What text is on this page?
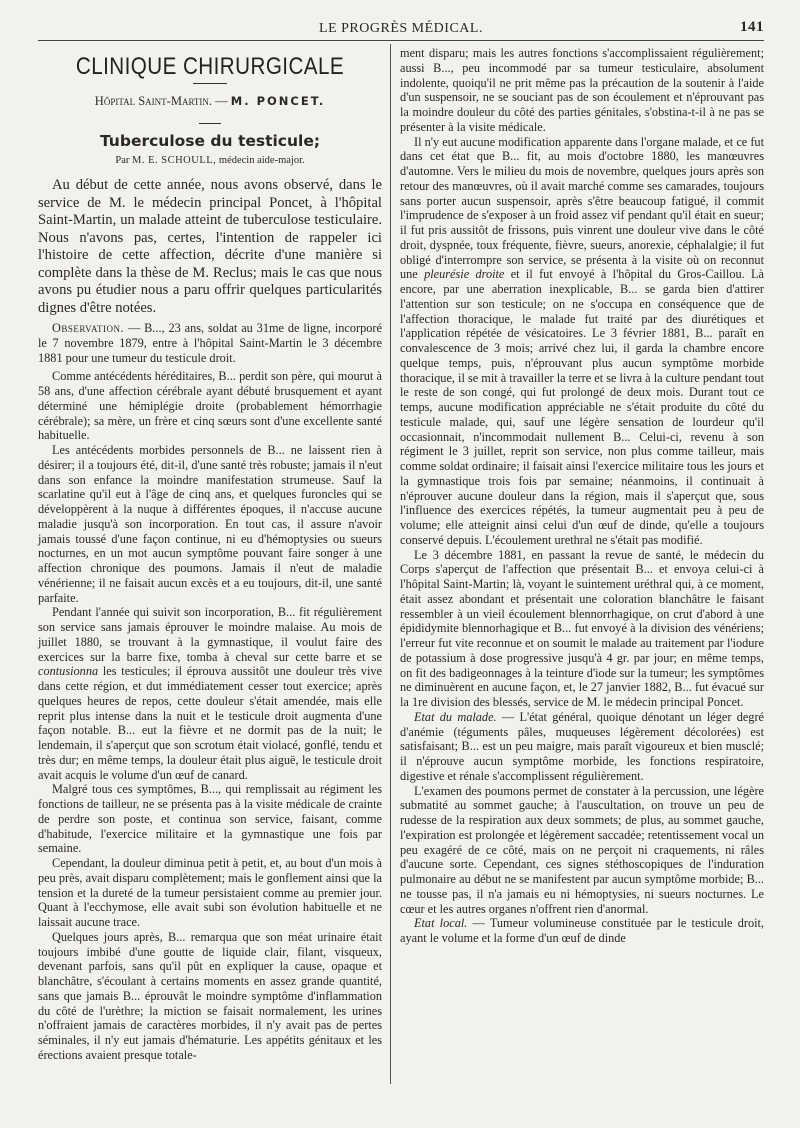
LE PROGRÈS MÉDICAL.	141
CLINIQUE CHIRURGICALE
Hôpital Saint-Martin. — M. PONCET.
Tuberculose du testicule;
Par M. E. SCHOULL, médecin aide-major.

Au début de cette année, nous avons observé, dans le service de M. le médecin principal Poncet, à l'hôpital Saint-Martin, un malade atteint de tuberculose testiculaire. Nous n'avons pas, certes, l'intention de rappeler ici l'histoire de cette affection, décrite d'une manière si complète dans la thèse de M. Reclus; mais le cas que nous avons pu étudier nous a paru offrir quelques particularités dignes d'être notées.

Observation. — B..., 23 ans, soldat au 31me de ligne, incorporé le 7 novembre 1879, entre à l'hôpital Saint-Martin le 3 décembre 1881 pour une tumeur du testicule droit.

Comme antécédents héréditaires, B... perdit son père, qui mourut à 58 ans, d'une affection cérébrale ayant débuté brusquement et ayant déterminé une hémiplégie droite (probablement hémorrhagie cérébrale); sa mère, un frère et cinq sœurs sont d'une excellente santé habituelle.

Les antécédents morbides personnels de B... ne laissent rien à désirer; il a toujours été, dit-il, d'une santé très robuste; jamais il n'eut dans son enfance la moindre manifestation strumeuse. Sauf la scarlatine qu'il eut à l'âge de cinq ans, et quelques furoncles qui se développèrent à la nuque à différentes époques, il n'accuse aucune maladie jusqu'à son incorporation. En tout cas, il assure n'avoir jamais toussé d'une façon continue, ni eu d'hémoptysies ou sueurs nocturnes, en un mot aucun symptôme pouvant faire songer à une affection chronique des poumons. Jamais il n'eut de maladie vénérienne; il ne faisait aucun excès et a eu toujours, dit-il, une santé parfaite.

Pendant l'année qui suivit son incorporation, B... fit régulièrement son service sans jamais éprouver le moindre malaise. Au mois de juillet 1880, se trouvant à la gymnastique, il voulut faire des exercices sur la barre fixe, tomba à cheval sur cette barre et se contusionna les testicules; il éprouva aussitôt une douleur très vive dans cette région, et dut immédiatement cesser tout exercice; après quelques heures de repos, cette douleur s'était amendée, mais elle reprit plus intense dans la nuit et le testicule droit augmenta d'une façon notable. B... eut la fièvre et ne dormit pas de la nuit; le lendemain, il s'aperçut que son scrotum était violacé, gonflé, tendu et très dur; en même temps, la douleur était plus aiguë, le testicule droit avait acquis le volume d'un œuf de canard.

Malgré tous ces symptômes, B..., qui remplissait au régiment les fonctions de tailleur, ne se présenta pas à la visite médicale de crainte de perdre son poste, et continua son service, faisant, comme d'habitude, l'exercice militaire et la gymnastique une fois par semaine.

Cependant, la douleur diminua petit à petit, et, au bout d'un mois à peu près, avait disparu complètement; mais le gonflement ainsi que la tension et la dureté de la tumeur persistaient comme au premier jour. Quant à l'ecchymose, elle avait subi son évolution habituelle et ne laissait aucune trace.

Quelques jours après, B... remarqua que son méat urinaire était toujours imbibé d'une goutte de liquide clair, filant, visqueux, devenant parfois, sans qu'il pût en expliquer la cause, opaque et blanchâtre, s'écoulant à certains moments en assez grande quantité, sans que jamais B... éprouvât le moindre symptôme d'inflammation du côté de l'urèthre; la miction se faisait normalement, les urines n'offraient jamais de caractères morbides, il n'y avait pas de pertes séminales, il n'y eut jamais d'hématurie. Les appétits génitaux et les érections avaient presque totale-

ment disparu; mais les autres fonctions s'accomplissaient régulièrement; aussi B..., peu incommodé par sa tumeur testiculaire, absolument indolente, quoiqu'il ne prit même pas la précaution de la soutenir à l'aide d'un suspensoir, ne se souciant pas de son écoulement et n'éprouvant pas la moindre douleur du côté des parties génitales, s'obstina-t-il à ne pas se présenter à la visite médicale.

Il n'y eut aucune modification apparente dans l'organe malade, et ce fut dans cet état que B... fit, au mois d'octobre 1880, les manœuvres d'automne. Vers le milieu du mois de novembre, quelques jours après son retour des manœuvres, où il avait marché comme ses camarades, toujours sans porter aucun suspensoir, après s'être beaucoup fatigué, il commit l'imprudence de s'exposer à un froid assez vif pendant qu'il était en sueur; il fut pris aussitôt de frissons, puis vinrent une douleur vive dans le côté droit, dyspnée, toux fréquente, fièvre, sueurs, anorexie, céphalalgie; il fut obligé d'interrompre son service, se présenta à la visite où on reconnut une pleurésie droite et il fut envoyé à l'hôpital du Gros-Caillou. Là encore, par une aberration inexplicable, B... se garda bien d'attirer l'attention sur son testicule; on ne s'occupa en conséquence que de l'affection thoracique, le malade fut traité par des diurétiques et l'application répétée de vésicatoires. Le 3 février 1881, B... paraît en convalescence de 3 mois; arrivé chez lui, il garda la chambre encore quelque temps, puis, n'éprouvant plus aucun symptôme morbide thoracique, il se mit à travailler la terre et se livra à la culture pendant tout le reste de son congé, qui fut prolongé de deux mois. Durant tout ce temps, aucune modification appréciable ne s'était produite du côté du testicule malade, qui, sauf une légère sensation de lourdeur qu'il occasionnait, n'incommodait nullement B... Celui-ci, revenu à son régiment le 3 juillet, reprit son service, non plus comme tailleur, mais comme soldat ordinaire; il faisait ainsi l'exercice militaire tous les jours et la gymnastique trois fois par semaine; néanmoins, il continuait à n'éprouver aucune douleur dans la région, mais il s'aperçut que, sous l'influence des exercices répétés, la tumeur augmentait peu à peu de volume; elle atteignit ainsi celui d'un œuf de dinde, qu'elle a toujours conservé depuis. L'écoulement urethral ne s'était pas modifié.

Le 3 décembre 1881, en passant la revue de santé, le médecin du Corps s'aperçut de l'affection que présentait B... et envoya celui-ci à l'hôpital Saint-Martin; là, voyant le suintement uréthral qui, à ce moment, était assez abondant et présentait une coloration blanchâtre le faisant ressembler à un vieil écoulement blennorrhagique, on crut d'abord à une épididymite blennorhagique et B... fut envoyé à la division des vénériens; l'erreur fut vite reconnue et on soumit le malade au traitement par l'iodure de potassium à dose progressive jusqu'à 4 gr. par jour; en même temps, on fit des badigeonnages à la teinture d'iode sur la tumeur; les symptômes ne diminuèrent en aucune façon, et, le 27 janvier 1882, B... fut évacué sur la 1re division des blessés, service de M. le médecin principal Poncet.

Etat du malade. — L'état général, quoique dénotant un léger degré d'anémie (téguments pâles, muqueuses légèrement décolorées) est satisfaisant; B... est un peu maigre, mais paraît vigoureux et bien musclé; il n'éprouve aucun symptôme morbide, les fonctions respiratoire, digestive et rénale s'accomplissent régulièrement.

L'examen des poumons permet de constater à la percussion, une légère submatité au sommet gauche; à l'auscultation, on trouve un peu de rudesse de la respiration aux deux sommets; de plus, au sommet gauche, l'expiration est prolongée et légèrement saccadée; retentissement vocal un peu exagéré de ce côté, mais on ne perçoit ni craquements, ni râles d'aucune sorte. Cependant, ces signes stéthoscopiques de l'induration pulmonaire au début ne se manifestent par aucun symptôme morbide; B... ne tousse pas, il n'a jamais eu ni hémoptysies, ni sueurs nocturnes. Le cœur et les autres organes n'offrent rien d'anormal.

Etat local. — Tumeur volumineuse constituée par le testicule droit, ayant le volume et la forme d'un œuf de dinde
